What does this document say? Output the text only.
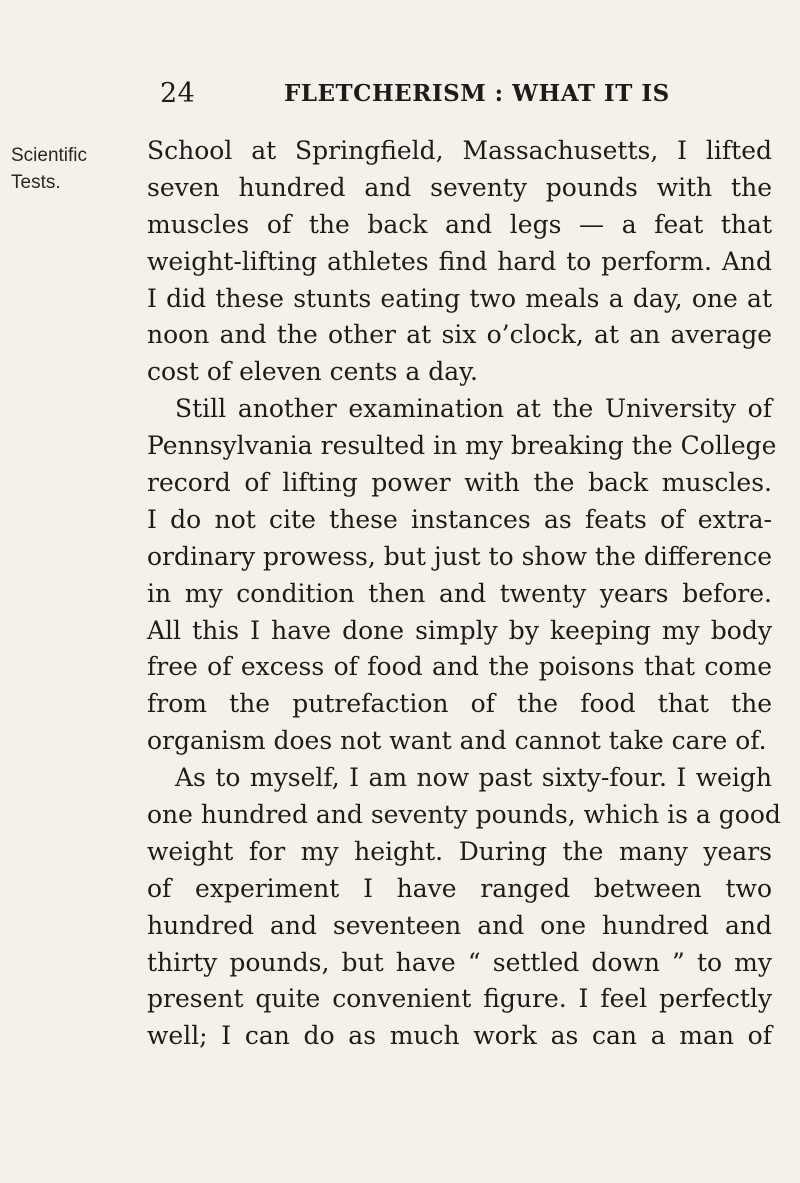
24	FLETCHERISM : WHAT IT IS
Scientific
Tests.
School at Springfield, Massachusetts, I lifted
seven hundred and seventy pounds with the
muscles of the back and legs — a feat that
weight-lifting athletes find hard to perform. And
I did these stunts eating two meals a day, one at
noon and the other at six o’clock, at an average
cost of eleven cents a day.
Still another examination at the University of
Pennsylvania resulted in my breaking the College
record of lifting power with the back muscles.
I do not cite these instances as feats of extra-
ordinary prowess, but just to show the difference
in my condition then and twenty years before.
All this I have done simply by keeping my body
free of excess of food and the poisons that come
from the putrefaction of the food that the
organism does not want and cannot take care of.
As to myself, I am now past sixty-four. I weigh
one hundred and seventy pounds, which is a good
weight for my height. During the many years
of experiment I have ranged between two
hundred and seventeen and one hundred and
thirty pounds, but have “ settled down ” to my
present quite convenient figure. I feel perfectly
well; I can do as much work as can a man of
